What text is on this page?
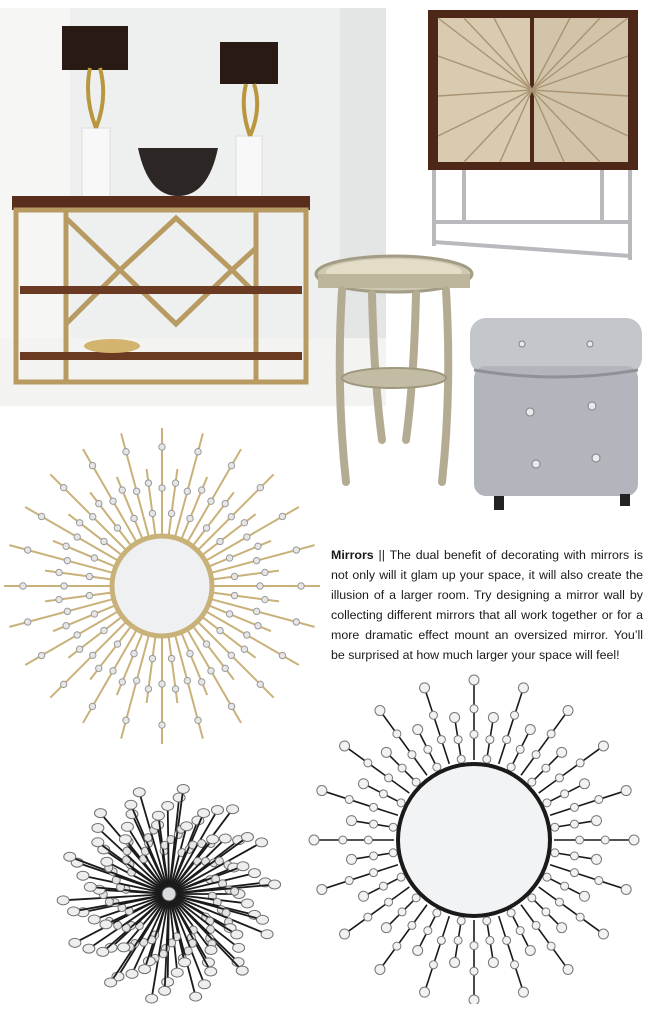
Mirrors || The dual benefit of decorating with mirrors is not only will it glam up your space, it will also create the illusion of a larger room. Try designing a mirror wall by collecting different mirrors that all work together or for a more dramatic effect mount an oversized mirror. You’ll be surprised at how much larger your space will feel!
